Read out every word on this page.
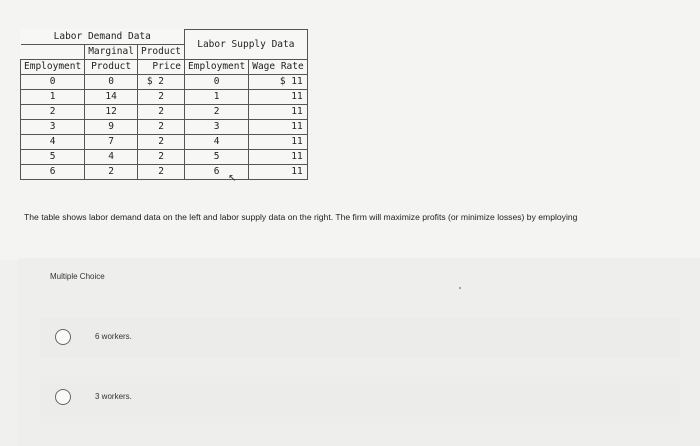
Labor Demand Data			Labor Supply Data	
	Marginal	Product		
Employment	Product	Price	Employment	Wage Rate
0	0	$ 2	0	$ 11
1	14	2	1	11
2	12	2	2	11
3	9	2	3	11
4	7	2	4	11
5	4	2	5	11
6	2	2	6	11
↖
The table shows labor demand data on the left and labor supply data on the right. The firm will maximize profits (or minimize losses) by employing
Multiple Choice
6 workers.
3 workers.
